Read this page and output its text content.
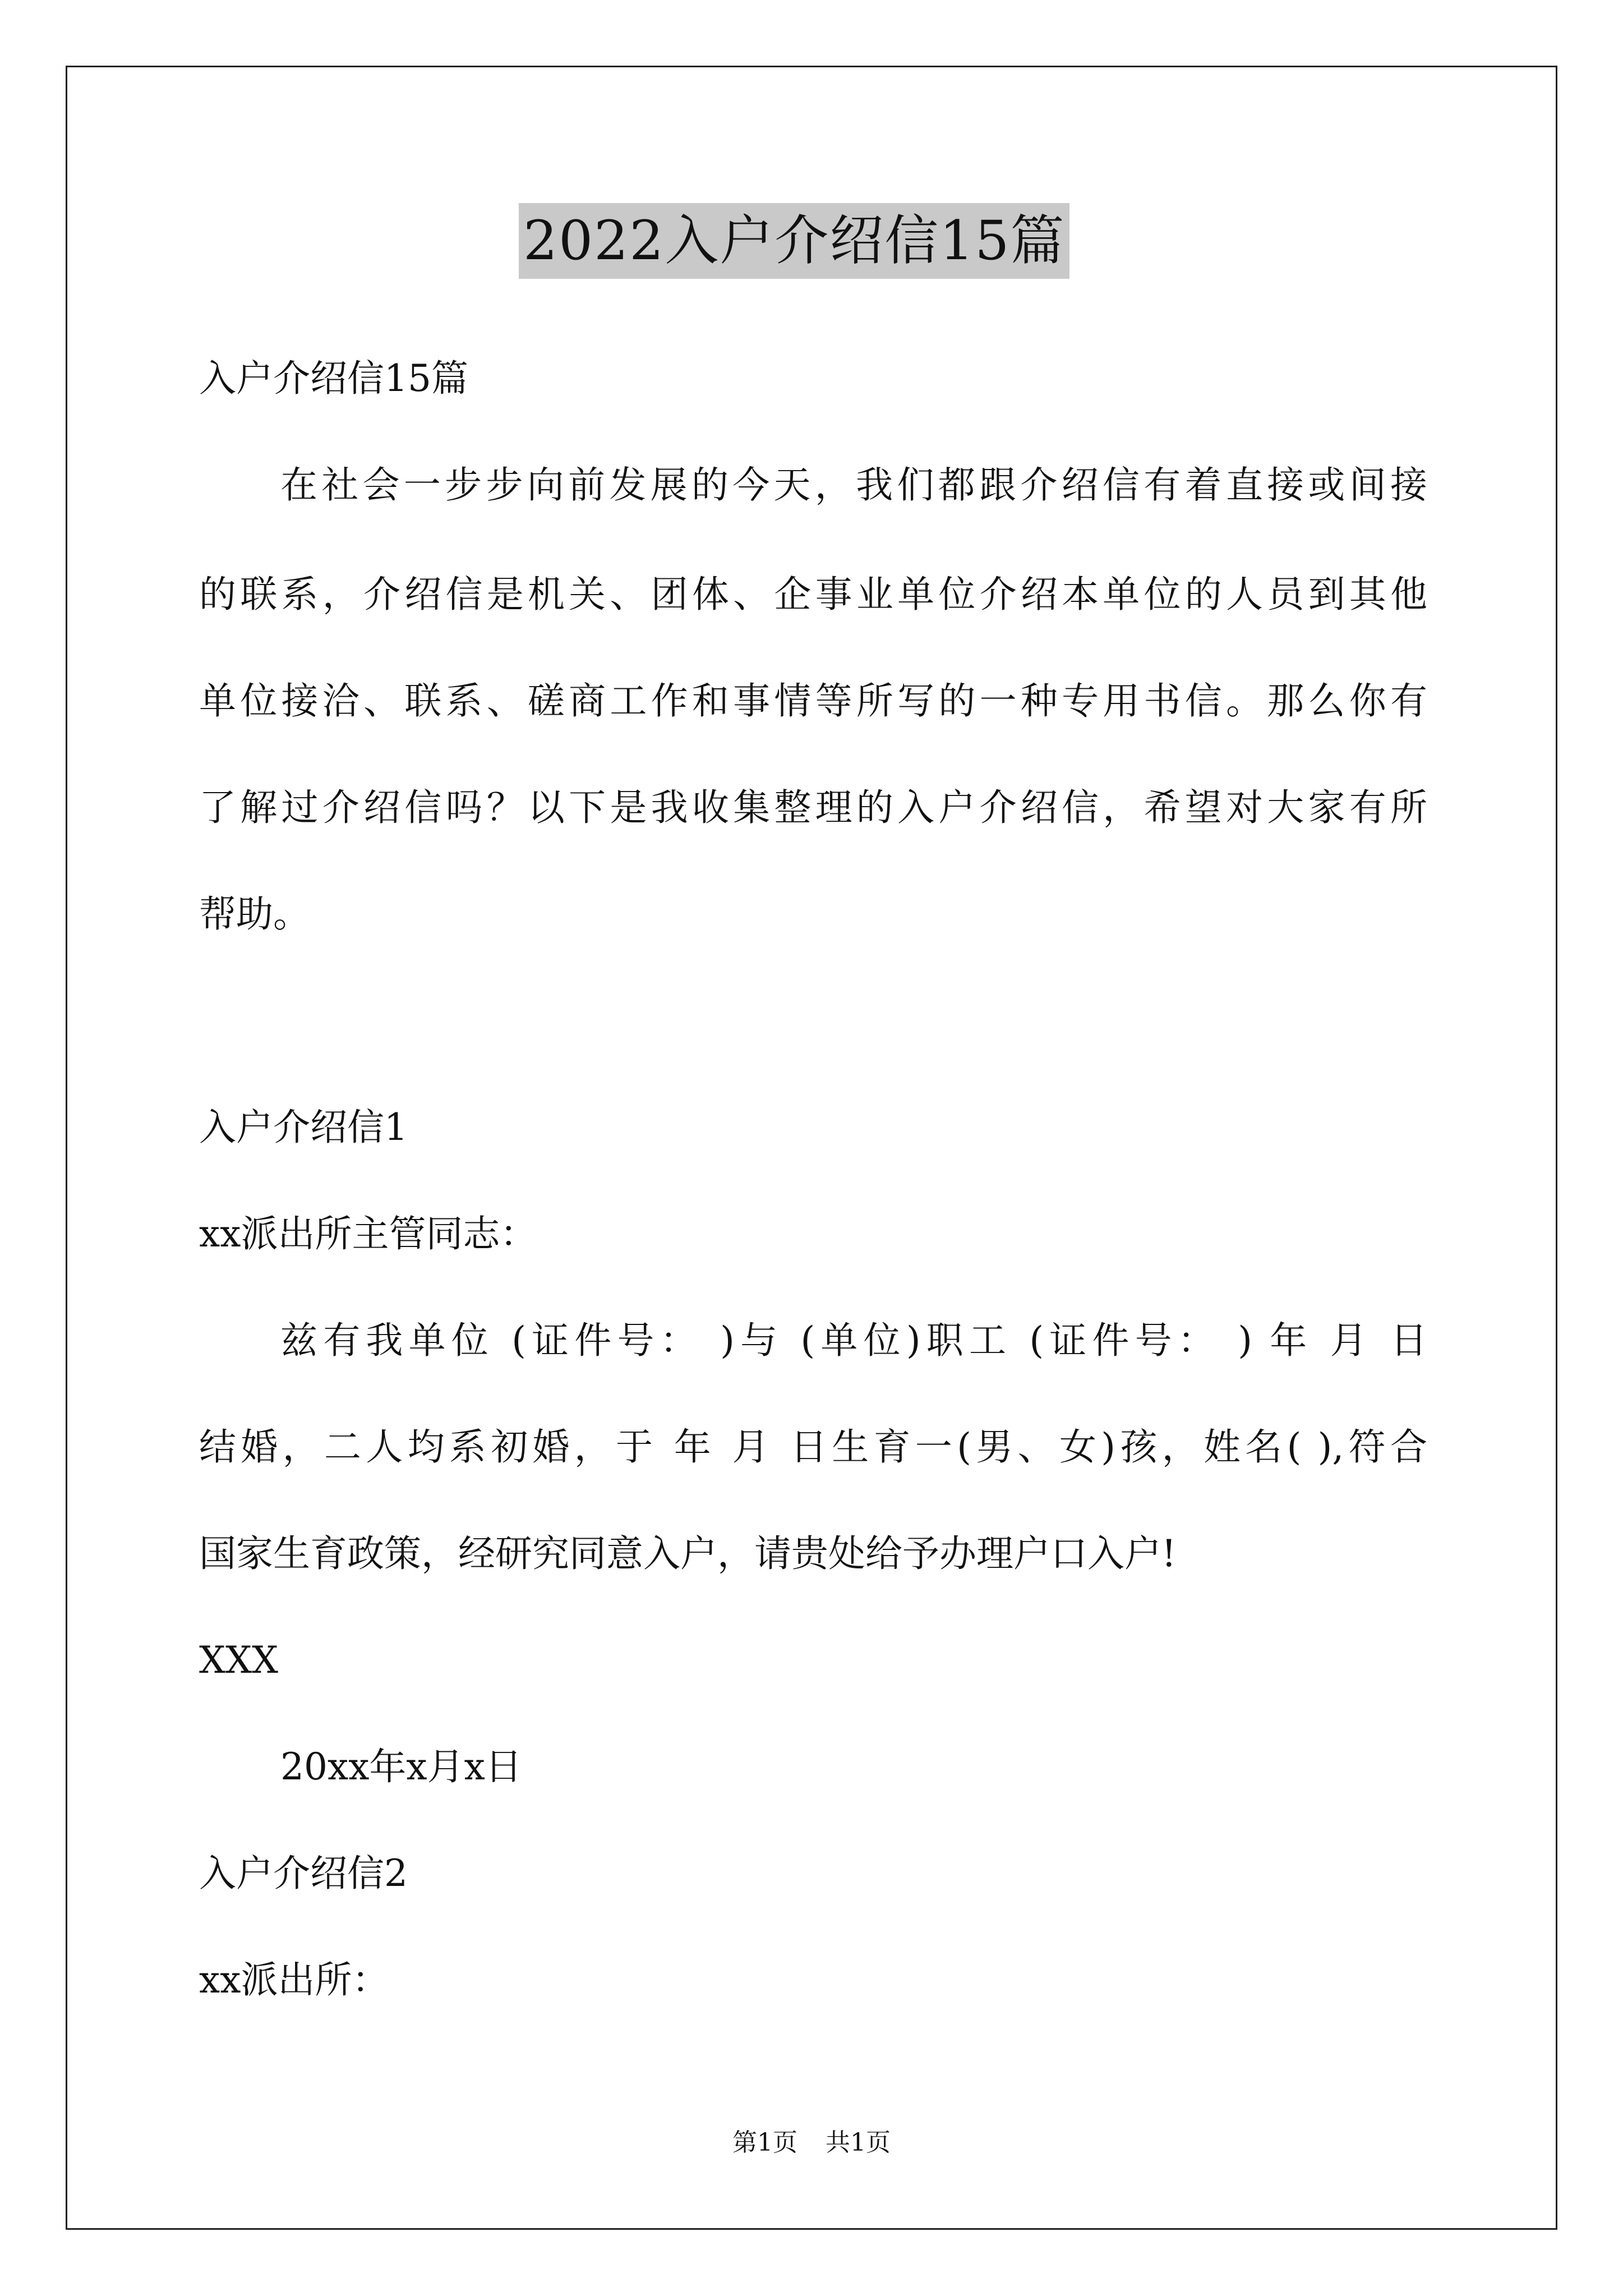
2022入户介绍信15篇
入户介绍信15篇
在社会一步步向前发展的今天，我们都跟介绍信有着直接或间接
的联系，介绍信是机关、团体、企事业单位介绍本单位的人员到其他
单位接洽、联系、磋商工作和事情等所写的一种专用书信。那么你有
了解过介绍信吗？以下是我收集整理的入户介绍信，希望对大家有所
帮助。
入户介绍信1
xx派出所主管同志：
兹有我单位 (证件号： )与 (单位)职工 (证件号： ) 年 月 日
结婚，二人均系初婚，于 年 月 日生育一(男、女)孩，姓名( ),符合
国家生育政策，经研究同意入户，请贵处给予办理户口入户!
XXX
20xx年x月x日
入户介绍信2
xx派出所：
第1页 共1页
